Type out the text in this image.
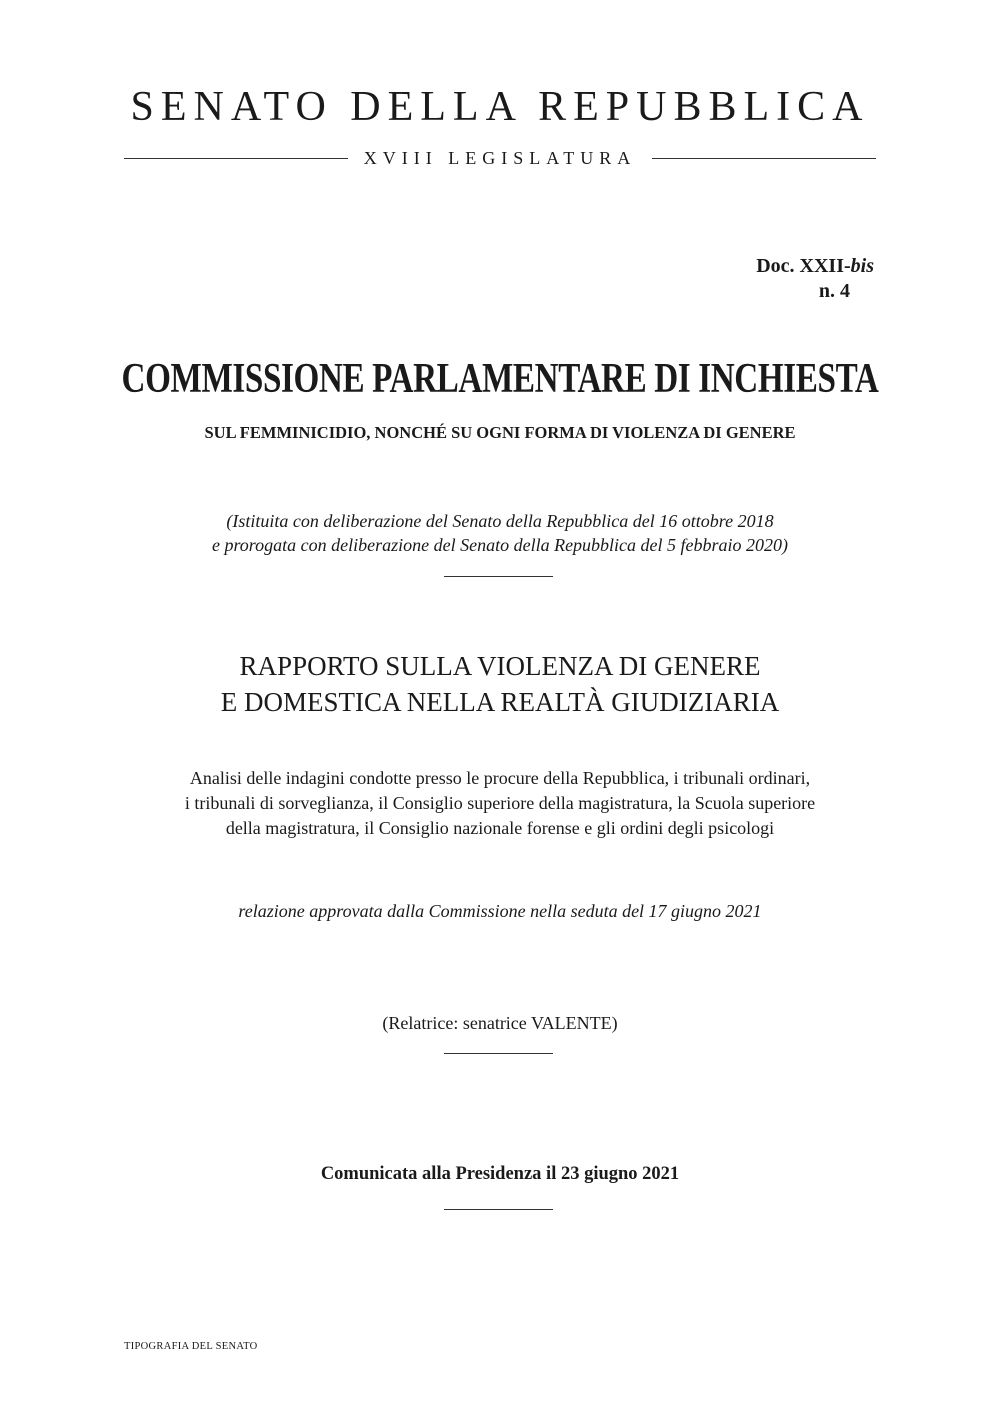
SENATO DELLA REPUBBLICA
XVIII LEGISLATURA
Doc. XXII-bis
n. 4
COMMISSIONE PARLAMENTARE DI INCHIESTA
SUL FEMMINICIDIO, NONCHÉ SU OGNI FORMA DI VIOLENZA DI GENERE
(Istituita con deliberazione del Senato della Repubblica del 16 ottobre 2018
e prorogata con deliberazione del Senato della Repubblica del 5 febbraio 2020)
RAPPORTO SULLA VIOLENZA DI GENERE
E DOMESTICA NELLA REALTÀ GIUDIZIARIA
Analisi delle indagini condotte presso le procure della Repubblica, i tribunali ordinari,
i tribunali di sorveglianza, il Consiglio superiore della magistratura, la Scuola superiore
della magistratura, il Consiglio nazionale forense e gli ordini degli psicologi
relazione approvata dalla Commissione nella seduta del 17 giugno 2021
(Relatrice: senatrice VALENTE)
Comunicata alla Presidenza il 23 giugno 2021
TIPOGRAFIA DEL SENATO
